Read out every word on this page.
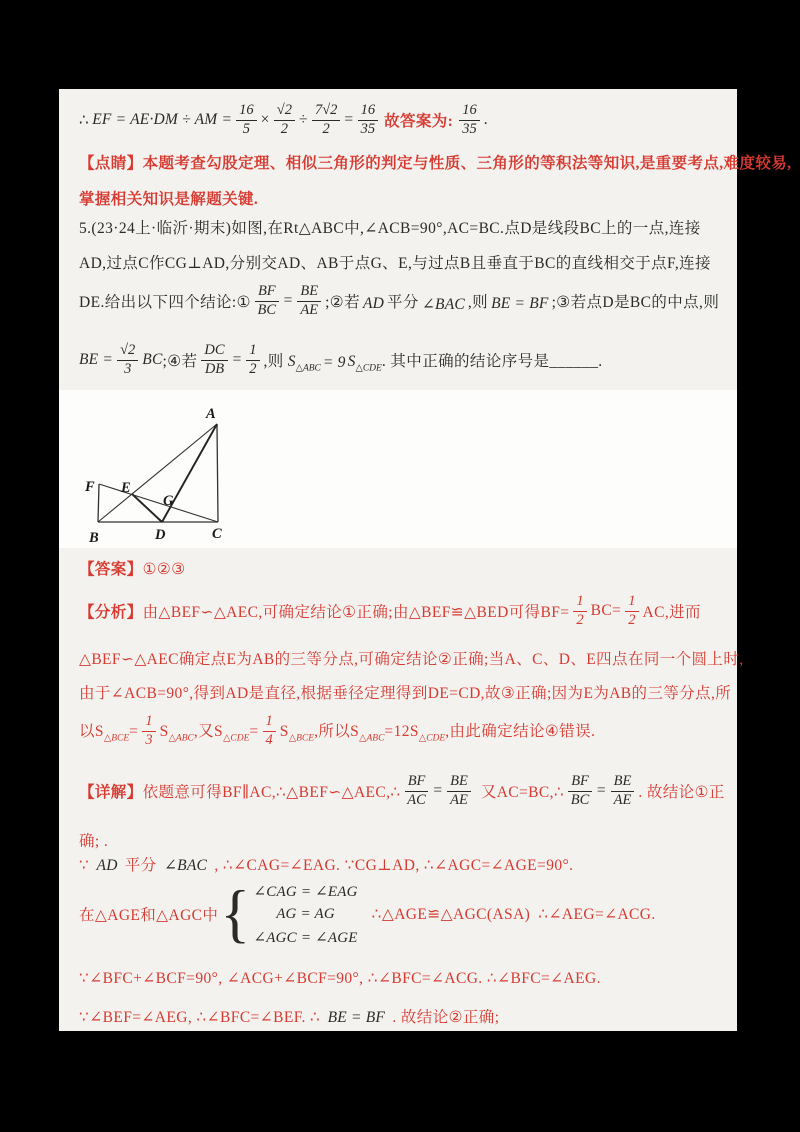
∴ EF = AE·DM ÷ AM = $\frac{16}{5} \times \frac{√2}{2} \div \frac{7√2}{2} = \frac{16}{35}$ 故答案为: $\frac{16}{35}$ .
【点睛】本题考查勾股定理、相似三角形的判定与性质、三角形的等积法等知识,是重要考点,难度较易,
掌握相关知识是解题关键.
5.(23·24上·临沂·期末)如图,在Rt△ABC中,∠ACB=90°,AC=BC.点D是线段BC上的一点,连接
AD,过点C作CG⊥AD,分别交AD、AB于点G、E,与过点B且垂直于BC的直线相交于点F,连接
DE.给出以下四个结论:① $\frac{BF}{BC} = \frac{BE}{AE}$ ;②若 AD 平分 ∠BAC ,则 BE = BF ;③若点D是BC的中点,则
BE = $\frac{√2}{3}$ BC ;④若 $\frac{DC}{DB} = \frac{1}{2}$ ,则 $S_{\triangle ABC} = 9$ $S_{\triangle CDE}$ . 其中正确的结论序号是______.
A
F E
G
B	D	C
【答案】①②③
【分析】 由△BEF∽△AEC,可确定结论①正确;由△BEF≌△BED可得$BF= \frac{1}{2} BC= \frac{1}{2}$ AC,进而
△BEF∽△AEC确定点E为AB的三等分点,可确定结论②正确;当A、C、D、E四点在同一个圆上时,
由于∠ACB=90°,得到AD是直径,根据垂径定理得到DE=CD,故③正确;因为E为AB的三等分点,所
以$S_{\triangle BCE}= \frac{1}{3} S_{\triangle ABC}$,又$S_{\triangle CDE}= \frac{1}{4} S_{\triangle BCE}$,所以$S_{\triangle ABC}=12S_{\triangle CDE}$,由此确定结论④错误.
【详解】 依题意可得BF∥AC,∴△BEF∽△AEC,∴ $\frac{BF}{AC} = \frac{BE}{AE}$ 又AC=BC,∴ $\frac{BF}{BC} = \frac{BE}{AE}$ . 故结论①正
确; .
∵ AD 平分 ∠BAC , ∴∠CAG=∠EAG. ∵CG⊥AD, ∴∠AGC=∠AGE=90°.
在△AGE和△AGC中 { ∠CAG = ∠EAG
AG = AG
∠AGC = ∠AGE
∴△AGE≌△AGC(ASA) ∴∠AEG=∠ACG.
∵∠BFC+∠BCF=90°, ∠ACG+∠BCF=90°, ∴∠BFC=∠ACG. ∴∠BFC=∠AEG.
∵∠BEF=∠AEG, ∴∠BFC=∠BEF. ∴ BE = BF . 故结论②正确;
